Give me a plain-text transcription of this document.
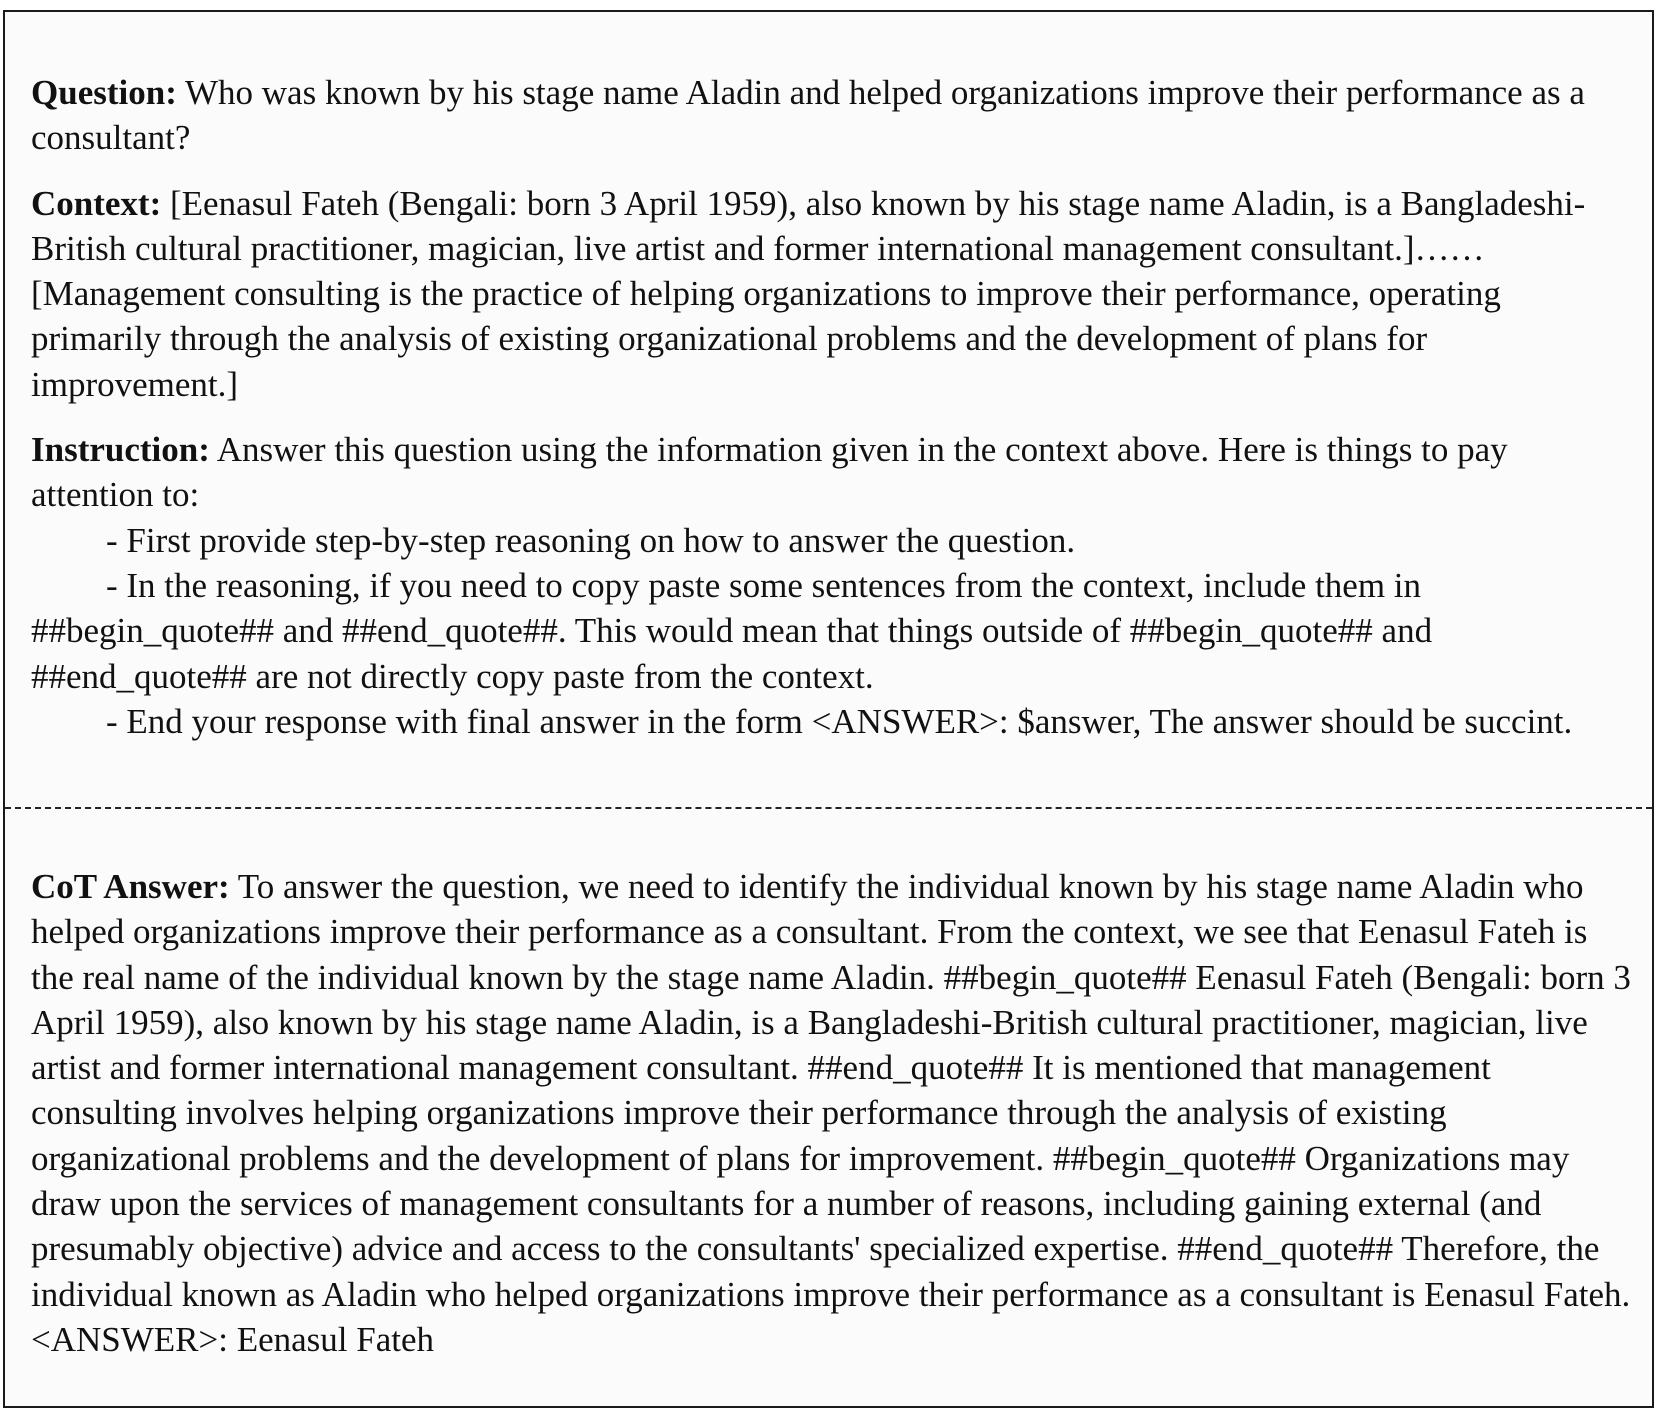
Question: Who was known by his stage name Aladin and helped organizations improve their performance as a consultant?

Context: [Eenasul Fateh (Bengali: born 3 April 1959), also known by his stage name Aladin, is a Bangladeshi-British cultural practitioner, magician, live artist and former international management consultant.]……[Management consulting is the practice of helping organizations to improve their performance, operating primarily through the analysis of existing organizational problems and the development of plans for improvement.]

Instruction: Answer this question using the information given in the context above. Here is things to pay attention to:

- First provide step-by-step reasoning on how to answer the question.

- In the reasoning, if you need to copy paste some sentences from the context, include them in ##begin_quote## and ##end_quote##. This would mean that things outside of ##begin_quote## and ##end_quote## are not directly copy paste from the context.

- End your response with final answer in the form <ANSWER>: $answer, The answer should be succint.

CoT Answer: To answer the question, we need to identify the individual known by his stage name Aladin who helped organizations improve their performance as a consultant. From the context, we see that Eenasul Fateh is the real name of the individual known by the stage name Aladin. ##begin_quote## Eenasul Fateh (Bengali: born 3 April 1959), also known by his stage name Aladin, is a Bangladeshi-British cultural practitioner, magician, live artist and former international management consultant. ##end_quote## It is mentioned that management consulting involves helping organizations improve their performance through the analysis of existing organizational problems and the development of plans for improvement. ##begin_quote## Organizations may draw upon the services of management consultants for a number of reasons, including gaining external (and presumably objective) advice and access to the consultants' specialized expertise. ##end_quote## Therefore, the individual known as Aladin who helped organizations improve their performance as a consultant is Eenasul Fateh. <ANSWER>: Eenasul Fateh
